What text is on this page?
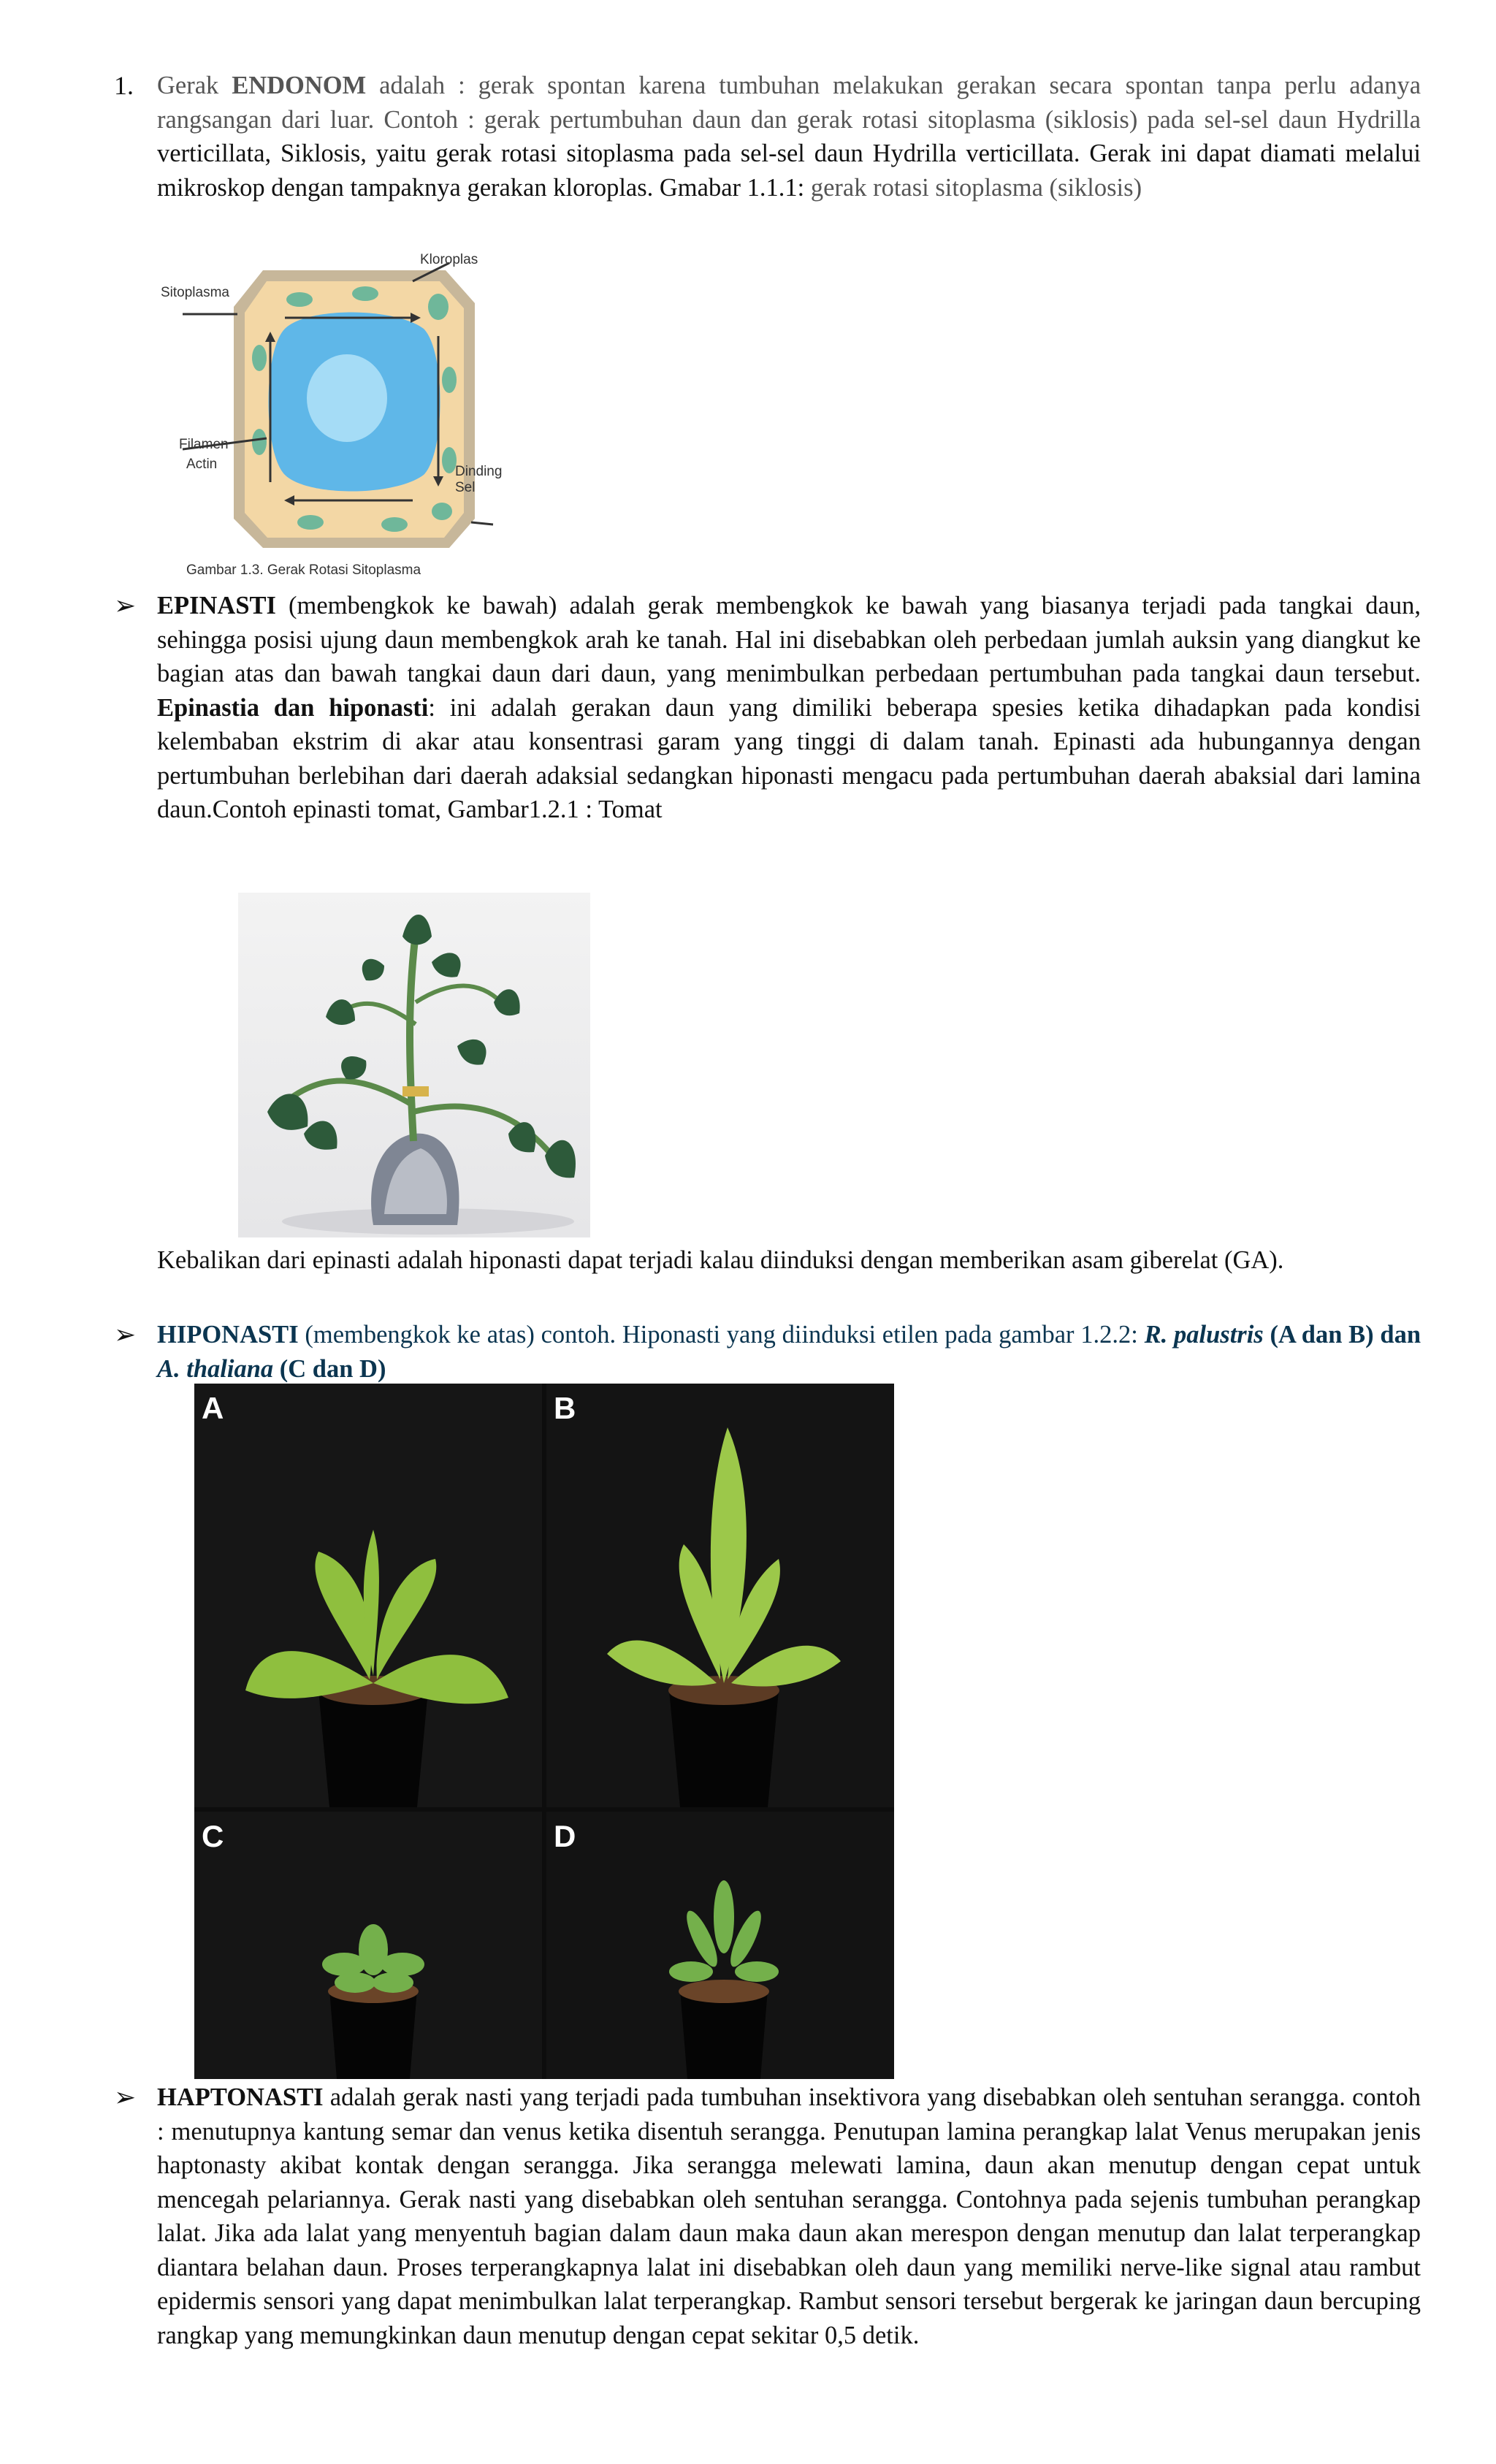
1. Gerak ENDONOM adalah : gerak spontan karena tumbuhan melakukan gerakan secara spontan tanpa perlu adanya rangsangan dari luar. Contoh : gerak pertumbuhan daun dan gerak rotasi sitoplasma (siklosis) pada sel-sel daun Hydrilla verticillata, Siklosis, yaitu gerak rotasi sitoplasma pada sel-sel daun Hydrilla verticillata. Gerak ini dapat diamati melalui mikroskop dengan tampaknya gerakan kloroplas. Gmabar 1.1.1: gerak rotasi sitoplasma (siklosis)

Sitoplasma
Kloroplas
Filamen
Actin	Dinding Sel
Gambar 1.3. Gerak Rotasi Sitoplasma
➢ EPINASTI (membengkok ke bawah) adalah gerak membengkok ke bawah yang biasanya terjadi pada tangkai daun, sehingga posisi ujung daun membengkok arah ke tanah. Hal ini disebabkan oleh perbedaan jumlah auksin yang diangkut ke bagian atas dan bawah tangkai daun dari daun, yang menimbulkan perbedaan pertumbuhan pada tangkai daun tersebut. Epinastia dan hiponasti: ini adalah gerakan daun yang dimiliki beberapa spesies ketika dihadapkan pada kondisi kelembaban ekstrim di akar atau konsentrasi garam yang tinggi di dalam tanah. Epinasti ada hubungannya dengan pertumbuhan berlebihan dari daerah adaksial sedangkan hiponasti mengacu pada pertumbuhan daerah abaksial dari lamina daun.Contoh epinasti tomat, Gambar1.2.1 : Tomat

Kebalikan dari epinasti adalah hiponasti dapat terjadi kalau diinduksi dengan memberikan asam giberelat (GA).

➢ HIPONASTI (membengkok ke atas) contoh. Hiponasti yang diinduksi etilen pada gambar 1.2.2: R. palustris (A dan B) dan A. thaliana (C dan D)

A	B
C	D
➢ HAPTONASTI adalah gerak nasti yang terjadi pada tumbuhan insektivora yang disebabkan oleh sentuhan serangga. contoh : menutupnya kantung semar dan venus ketika disentuh serangga. Penutupan lamina perangkap lalat Venus merupakan jenis haptonasty akibat kontak dengan serangga. Jika serangga melewati lamina, daun akan menutup dengan cepat untuk mencegah pelariannya. Gerak nasti yang disebabkan oleh sentuhan serangga. Contohnya pada sejenis tumbuhan perangkap lalat. Jika ada lalat yang menyentuh bagian dalam daun maka daun akan merespon dengan menutup dan lalat terperangkap diantara belahan daun. Proses terperangkapnya lalat ini disebabkan oleh daun yang memiliki nerve-like signal atau rambut epidermis sensori yang dapat menimbulkan lalat terperangkap. Rambut sensori tersebut bergerak ke jaringan daun bercuping rangkap yang memungkinkan daun menutup dengan cepat sekitar 0,5 detik.
